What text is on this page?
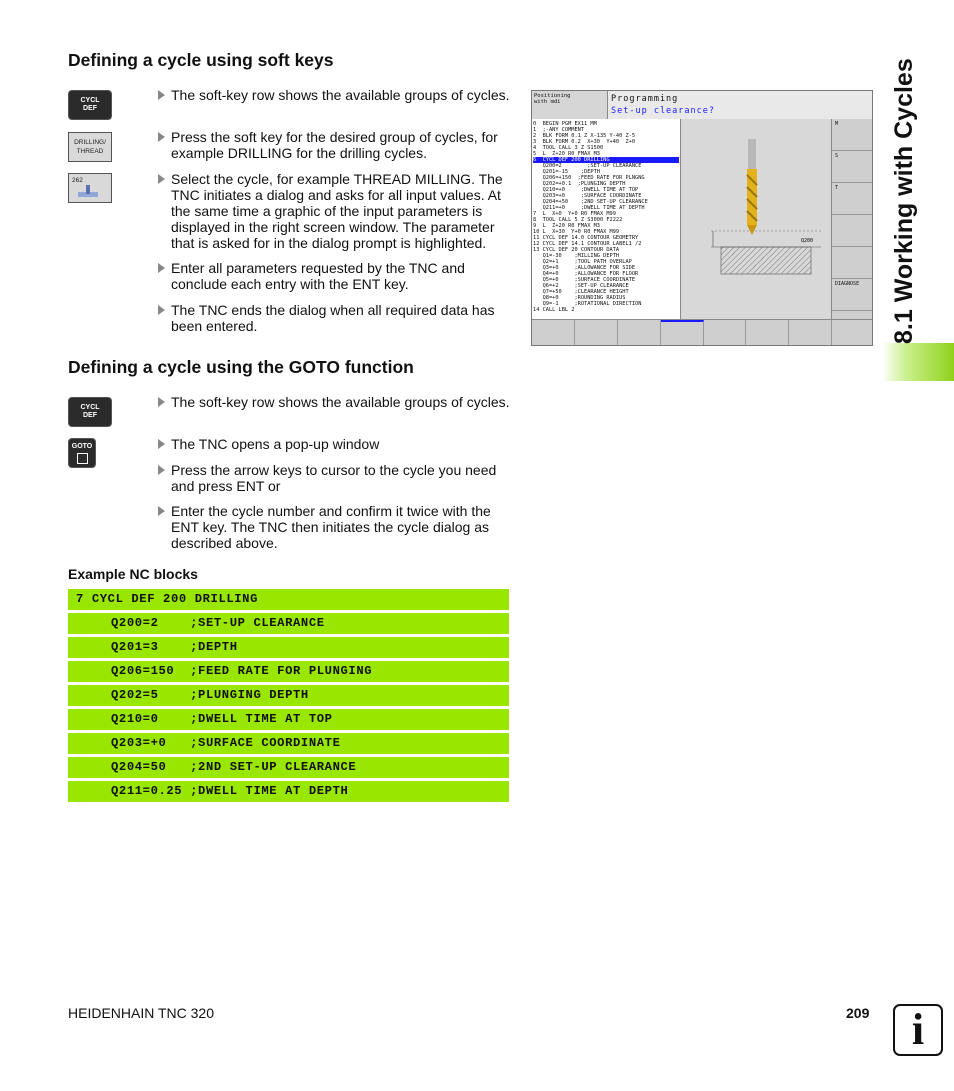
8.1 Working with Cycles
Defining a cycle using soft keys
CYCL
DEF
DRILLING/
THREAD
262
The soft-key row shows the available groups of cycles.
Press the soft key for the desired group of cycles, for example DRILLING for the drilling cycles.
Select the cycle, for example THREAD MILLING. The TNC initiates a dialog and asks for all input values. At the same time a graphic of the input parameters is displayed in the right screen window. The parameter that is asked for in the dialog prompt is highlighted.
Enter all parameters requested by the TNC and conclude each entry with the ENT key.
The TNC ends the dialog when all required data has been entered.
Positioning
with mdi	Programming
Set-up clearance?
0  BEGIN PGM EX11 MM
1  ;-ANY COMMENT
2  BLK FORM 0.1 Z X-135 Y-40 Z-5
3  BLK FORM 0.2  X+30  Y+40  Z+0
4  TOOL CALL 3 Z S1500
5  L  Z+20 R0 FMAX M3
6  CYCL DEF 200 DRILLING
Q200=2        ;SET-UP CLEARANCE
Q201=-15    ;DEPTH
Q206=+150  ;FEED RATE FOR PLNGNG
Q202=+0.1  ;PLUNGING DEPTH
Q210=+0     ;DWELL TIME AT TOP
Q203=+0     ;SURFACE COORDINATE
Q204=+50    ;2ND SET-UP CLEARANCE
Q211=+0     ;DWELL TIME AT DEPTH
7  L  X+0  Y+0 R0 FMAX M99
8  TOOL CALL 5 Z S3000 F2222
9  L  Z+20 R0 FMAX M3
10 L  X+30  Y+0 R0 FMAX M99
11 CYCL DEF 14.0 CONTOUR GEOMETRY
12 CYCL DEF 14.1 CONTOUR LABEL1 /2
13 CYCL DEF 20 CONTOUR DATA
Q1=-30    ;MILLING DEPTH
Q2=+1     ;TOOL PATH OVERLAP
Q3=+0     ;ALLOWANCE FOR SIDE
Q4=+0     ;ALLOWANCE FOR FLOOR
Q5=+0     ;SURFACE COORDINATE
Q6=+2     ;SET-UP CLEARANCE
Q7=+50    ;CLEARANCE HEIGHT
Q8=+0     ;ROUNDING RADIUS
Q9=-1     ;ROTATIONAL DIRECTION
14 CALL LBL 2
Q200
M
S
T
DIAGNOSE
Defining a cycle using the GOTO function
CYCL
DEF
GOTO
The soft-key row shows the available groups of cycles.
The TNC opens a pop-up window
Press the arrow keys to cursor to the cycle you need and press ENT or
Enter the cycle number and confirm it twice with the ENT key. The TNC then initiates the cycle dialog as described above.
Example NC blocks
7 CYCL DEF 200 DRILLING
Q200=2    ;SET-UP CLEARANCE
Q201=3    ;DEPTH
Q206=150  ;FEED RATE FOR PLUNGING
Q202=5    ;PLUNGING DEPTH
Q210=0    ;DWELL TIME AT TOP
Q203=+0   ;SURFACE COORDINATE
Q204=50   ;2ND SET-UP CLEARANCE
Q211=0.25 ;DWELL TIME AT DEPTH
HEIDENHAIN TNC 320	209 i
